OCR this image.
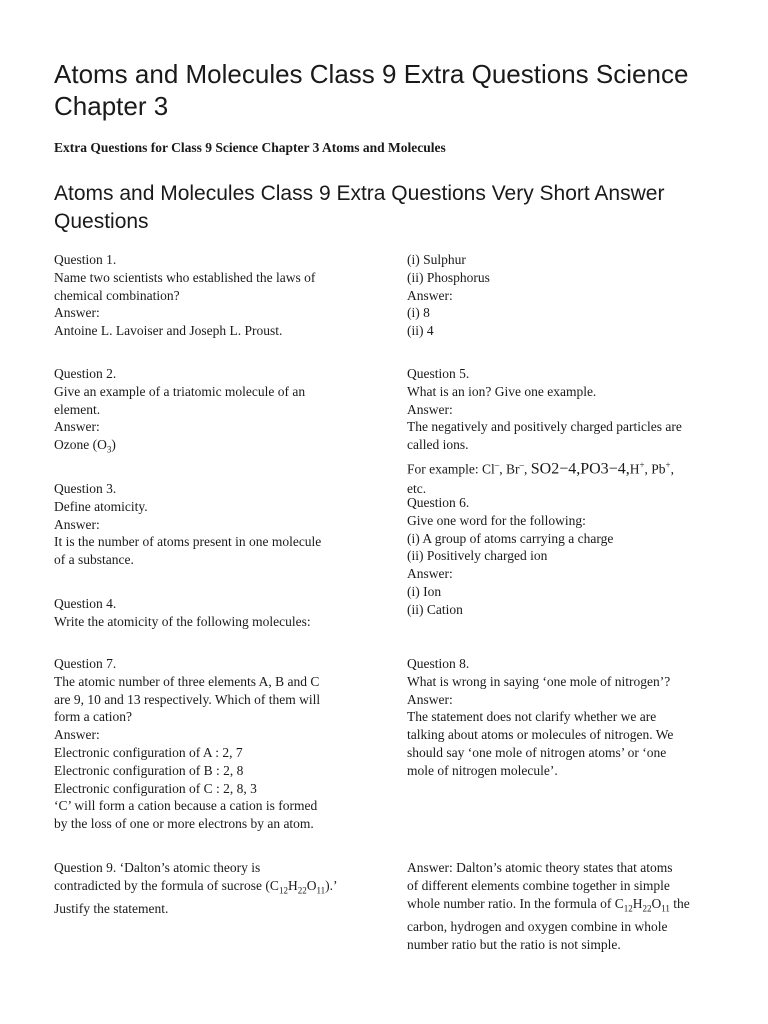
Atoms and Molecules Class 9 Extra Questions Science Chapter 3
Extra Questions for Class 9 Science Chapter 3 Atoms and Molecules
Atoms and Molecules Class 9 Extra Questions Very Short Answer Questions
Question 1.
Name two scientists who established the laws of
chemical combination?
Answer:
Antoine L. Lavoiser and Joseph L. Proust.
Question 2.
Give an example of a triatomic molecule of an
element.
Answer:
Ozone $(O_3)$
Question 3.
Define atomicity.
Answer:
It is the number of atoms present in one molecule
of a substance.
Question 4.
Write the atomicity of the following molecules:
(i) Sulphur
(ii) Phosphorus
Answer:
(i) 8
(ii) 4
Question 5.
What is an ion? Give one example.
Answer:
The negatively and positively charged particles are
called ions.
For example: Cl–, Br–, SO2−4,PO3−4,H+, Pb+,
etc.
Question 6.
Give one word for the following:
(i) A group of atoms carrying a charge
(ii) Positively charged ion
Answer:
(i) Ion
(ii) Cation
Question 7.
The atomic number of three elements A, B and C
are 9, 10 and 13 respectively. Which of them will
form a cation?
Answer:
Electronic configuration of A : 2, 7
Electronic configuration of B : 2, 8
Electronic configuration of C : 2, 8, 3
‘C’ will form a cation because a cation is formed
by the loss of one or more electrons by an atom.
Question 8.
What is wrong in saying ‘one mole of nitrogen’?
Answer:
The statement does not clarify whether we are
talking about atoms or molecules of nitrogen. We
should say ‘one mole of nitrogen atoms’ or ‘one
mole of nitrogen molecule’.
Question 9. ‘Dalton’s atomic theory is
contradicted by the formula of sucrose $(C_{12}H_{22}O_{11})$.’
Justify the statement.
Answer: Dalton’s atomic theory states that atoms
of different elements combine together in simple
whole number ratio. In the formula of $C_{12}H_{22}O_{11}$ the
carbon, hydrogen and oxygen combine in whole
number ratio but the ratio is not simple.
